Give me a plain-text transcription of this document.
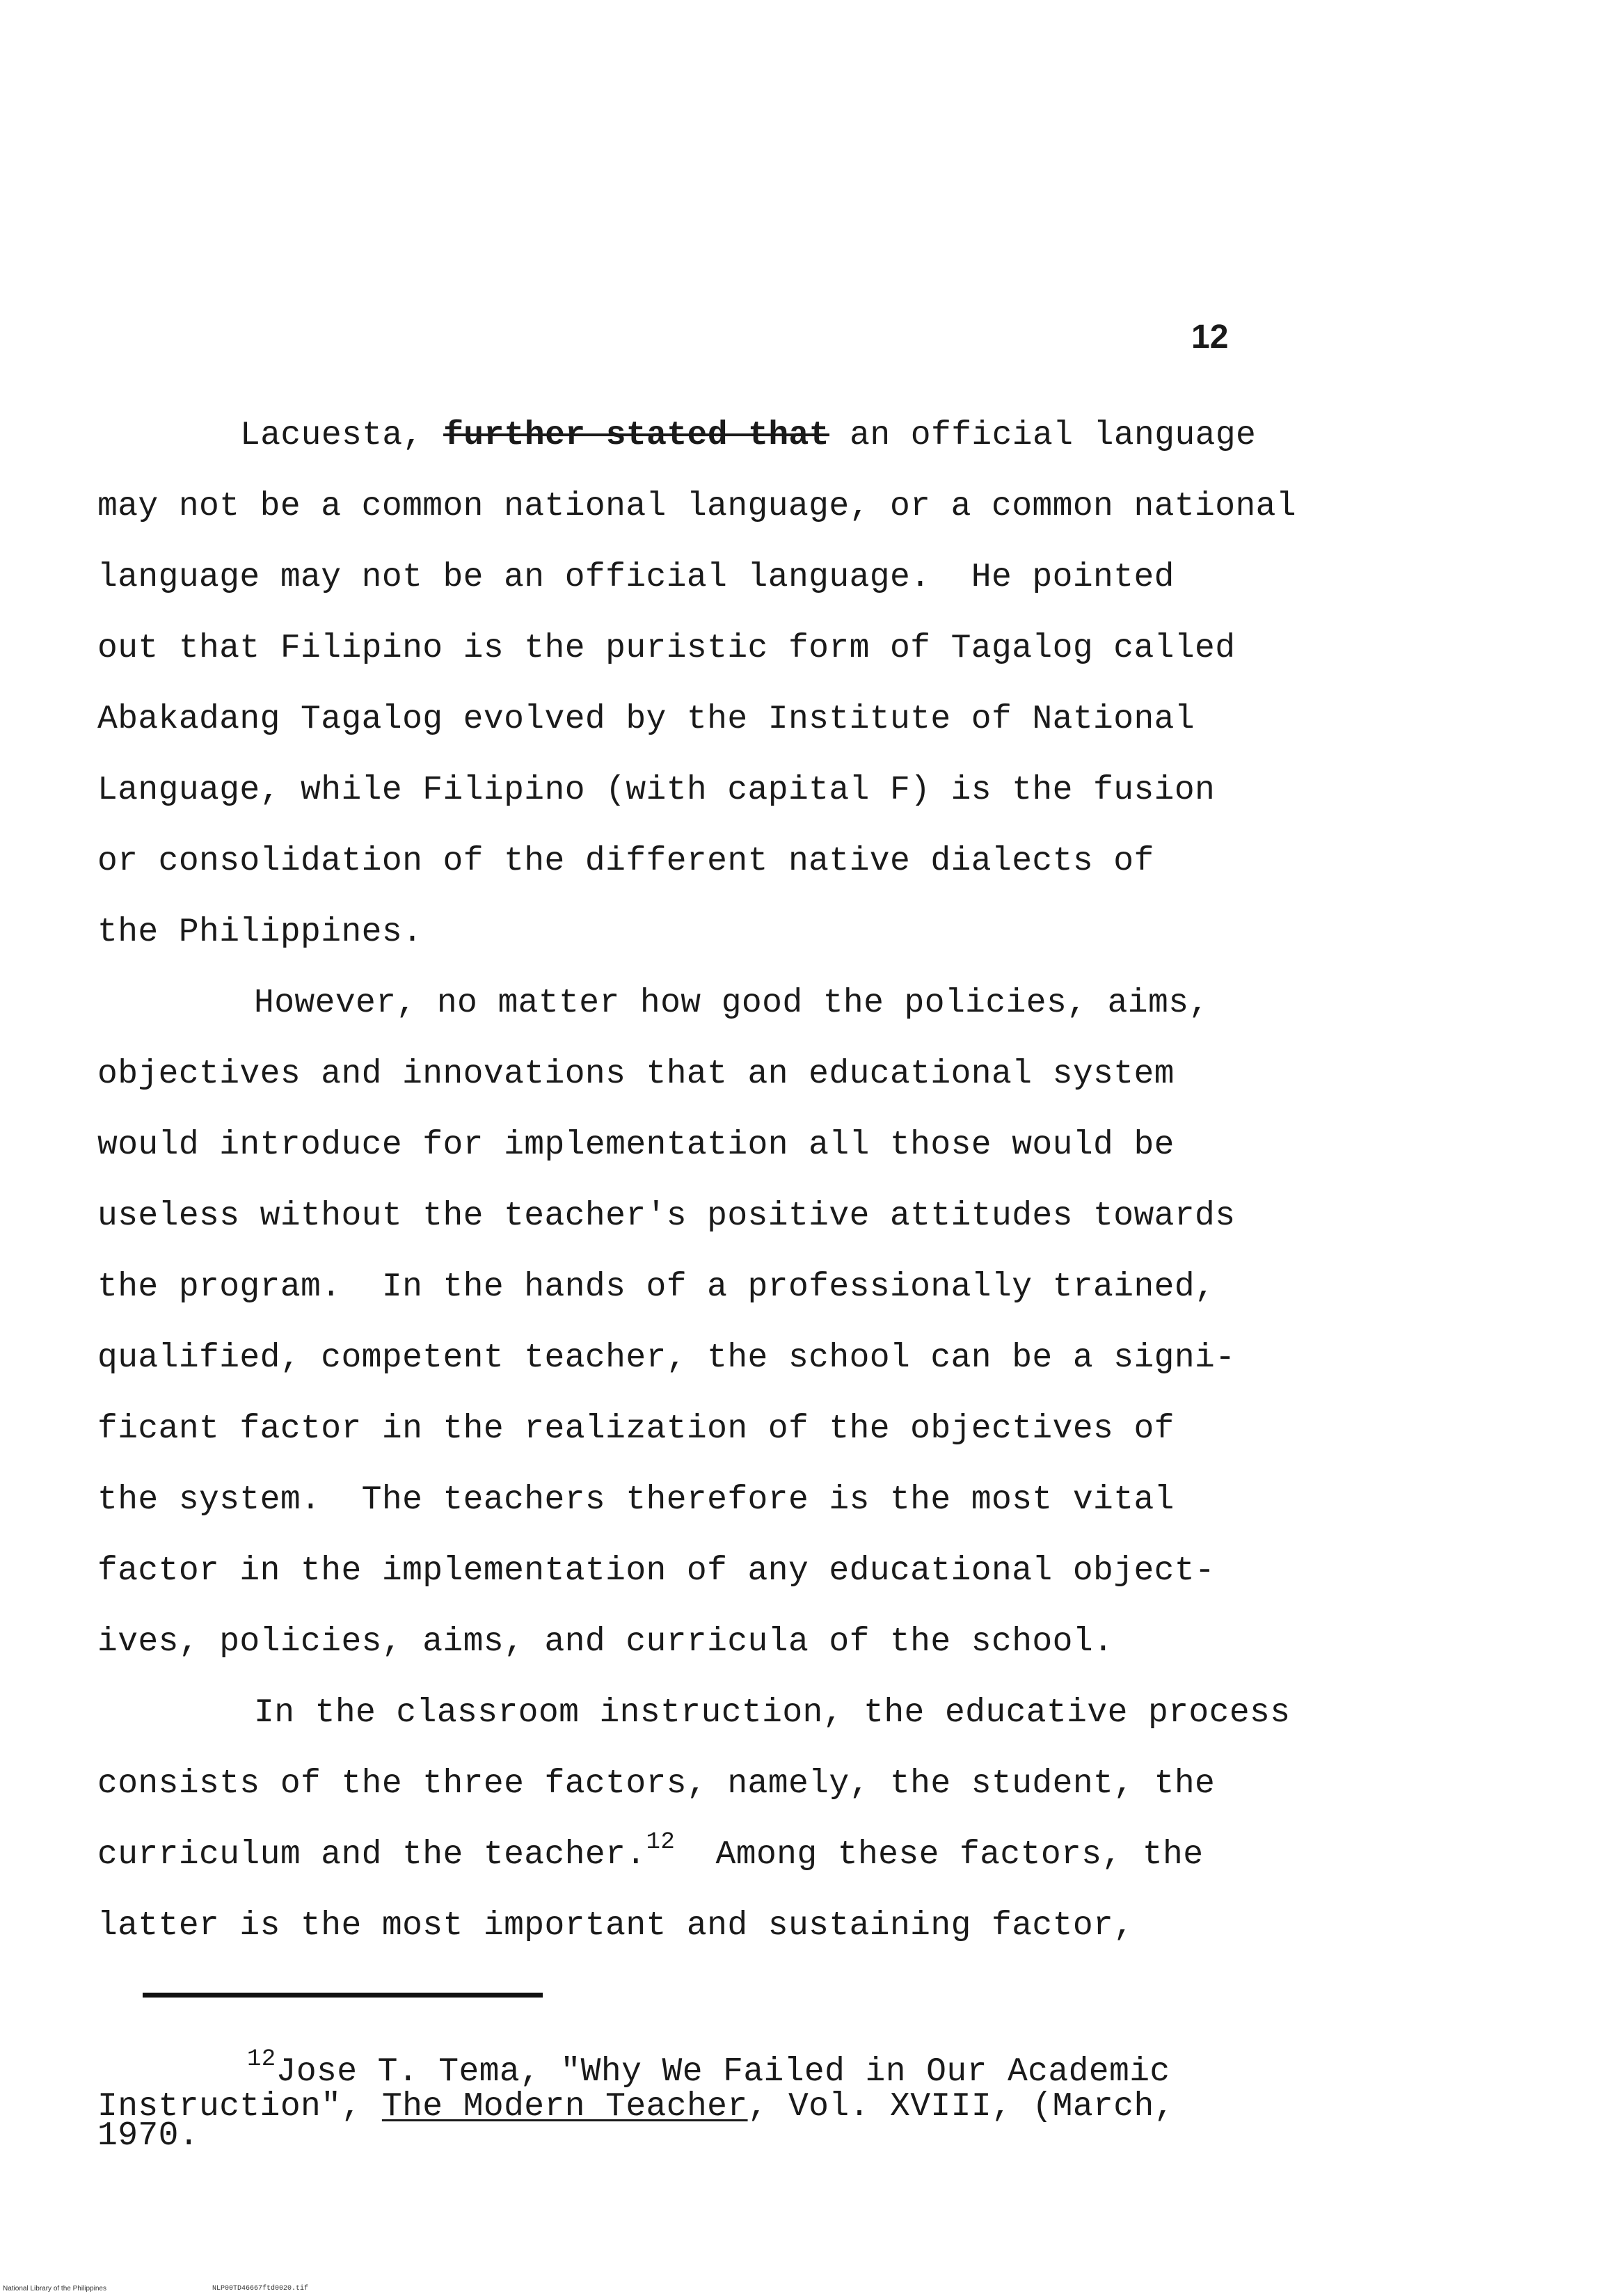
12
Lacuesta, further stated that an official language
may not be a common national language, or a common national
language may not be an official language.  He pointed
out that Filipino is the puristic form of Tagalog called
Abakadang Tagalog evolved by the Institute of National
Language, while Filipino (with capital F) is the fusion
or consolidation of the different native dialects of
the Philippines.
However, no matter how good the policies, aims,
objectives and innovations that an educational system
would introduce for implementation all those would be
useless without the teacher's positive attitudes towards
the program.  In the hands of a professionally trained,
qualified, competent teacher, the school can be a signi-
ficant factor in the realization of the objectives of
the system.  The teachers therefore is the most vital
factor in the implementation of any educational object-
ives, policies, aims, and curricula of the school.
In the classroom instruction, the educative process
consists of the three factors, namely, the student, the
curriculum and the teacher.$^{12}$  Among these factors, the
latter is the most important and sustaining factor,
$^{12}$Jose T. Tema, "Why We Failed in Our Academic
Instruction", The Modern Teacher, Vol. XVIII, (March,
1970.
National Library of the Philippines	NLP00TD46667ftd0020.tif
